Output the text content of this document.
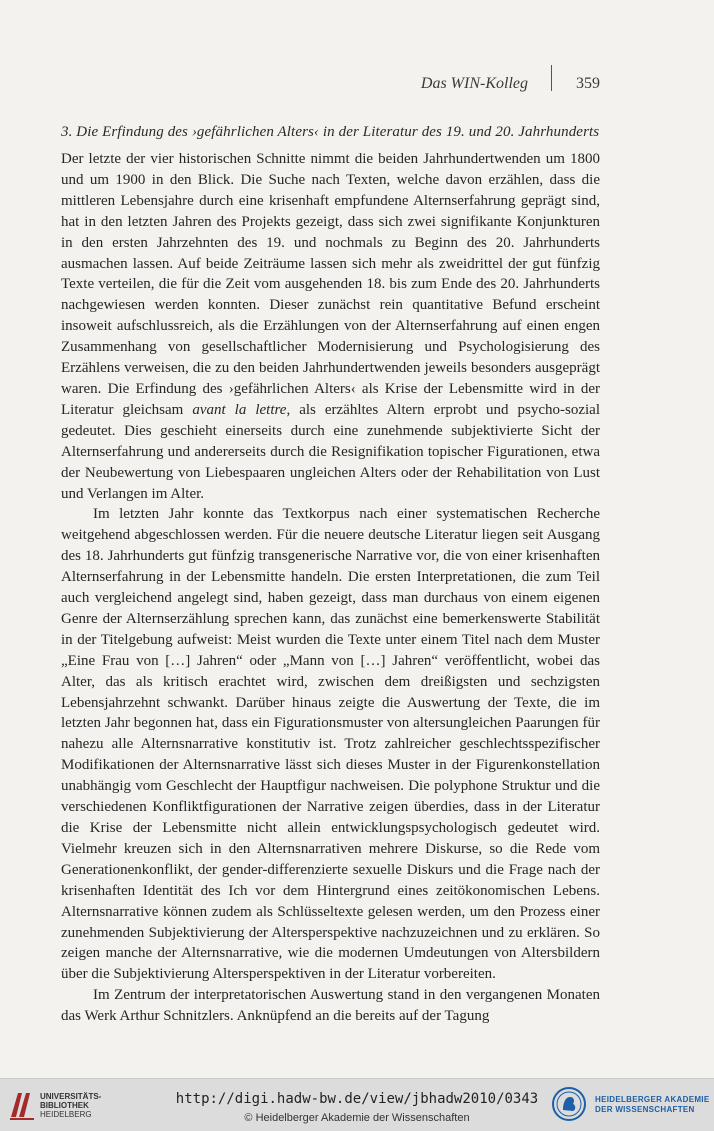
Das WIN-Kolleg	359
3. Die Erfindung des ›gefährlichen Alters‹ in der Literatur des 19. und 20. Jahrhunderts

Der letzte der vier historischen Schnitte nimmt die beiden Jahrhundertwenden um 1800 und um 1900 in den Blick. Die Suche nach Texten, welche davon erzählen, dass die mittleren Lebensjahre durch eine krisenhaft empfundene Alternserfahrung geprägt sind, hat in den letzten Jahren des Projekts gezeigt, dass sich zwei signifikante Konjunkturen in den ersten Jahrzehnten des 19. und nochmals zu Beginn des 20. Jahrhunderts ausmachen lassen. Auf beide Zeiträume lassen sich mehr als zweidrittel der gut fünfzig Texte verteilen, die für die Zeit vom ausgehenden 18. bis zum Ende des 20. Jahrhunderts nachgewiesen werden konnten. Dieser zunächst rein quantitative Befund erscheint insoweit aufschlussreich, als die Erzählungen von der Alternserfahrung auf einen engen Zusammenhang von gesellschaftlicher Modernisierung und Psychologisierung des Erzählens verweisen, die zu den beiden Jahrhundertwenden jeweils besonders ausgeprägt waren. Die Erfindung des ›gefährlichen Alters‹ als Krise der Lebensmitte wird in der Literatur gleichsam avant la lettre, als erzähltes Altern erprobt und psycho-sozial gedeutet. Dies geschieht einerseits durch eine zunehmende subjektivierte Sicht der Alternserfahrung und andererseits durch die Resignifikation topischer Figurationen, etwa der Neubewertung von Liebespaaren ungleichen Alters oder der Rehabilitation von Lust und Verlangen im Alter.

Im letzten Jahr konnte das Textkorpus nach einer systematischen Recherche weitgehend abgeschlossen werden. Für die neuere deutsche Literatur liegen seit Ausgang des 18. Jahrhunderts gut fünfzig transgenerische Narrative vor, die von einer krisenhaften Alternserfahrung in der Lebensmitte handeln. Die ersten Interpretationen, die zum Teil auch vergleichend angelegt sind, haben gezeigt, dass man durchaus von einem eigenen Genre der Alternserzählung sprechen kann, das zunächst eine bemerkenswerte Stabilität in der Titelgebung aufweist: Meist wurden die Texte unter einem Titel nach dem Muster „Eine Frau von […] Jahren“ oder „Mann von […] Jahren“ veröffentlicht, wobei das Alter, das als kritisch erachtet wird, zwischen dem dreißigsten und sechzigsten Lebensjahrzehnt schwankt. Darüber hinaus zeigte die Auswertung der Texte, die im letzten Jahr begonnen hat, dass ein Figurationsmuster von altersungleichen Paarungen für nahezu alle Alternsnarrative konstitutiv ist. Trotz zahlreicher geschlechtsspezifischer Modifikationen der Alternsnarrative lässt sich dieses Muster in der Figurenkonstellation unabhängig vom Geschlecht der Hauptfigur nachweisen. Die polyphone Struktur und die verschiedenen Konfliktfigurationen der Narrative zeigen überdies, dass in der Literatur die Krise der Lebensmitte nicht allein entwicklungspsychologisch gedeutet wird. Vielmehr kreuzen sich in den Alternsnarrativen mehrere Diskurse, so die Rede vom Generationenkonflikt, der gender-differenzierte sexuelle Diskurs und die Frage nach der krisenhaften Identität des Ich vor dem Hintergrund eines zeitökonomischen Lebens. Alternsnarrative können zudem als Schlüsseltexte gelesen werden, um den Prozess einer zunehmenden Subjektivierung der Altersperspektive nachzuzeichnen und zu erklären. So zeigen manche der Alternsnarrative, wie die modernen Umdeutungen von Altersbildern über die Subjektivierung Altersperspektiven in der Literatur vorbereiten.

Im Zentrum der interpretatorischen Auswertung stand in den vergangenen Monaten das Werk Arthur Schnitzlers. Anknüpfend an die bereits auf der Tagung

UNIVERSITÄTS-
BIBLIOTHEK
HEIDELBERG
http://digi.hadw-bw.de/view/jbhadw2010/0343
© Heidelberger Akademie der Wissenschaften
HEIDELBERGER AKADEMIE
DER WISSENSCHAFTEN
